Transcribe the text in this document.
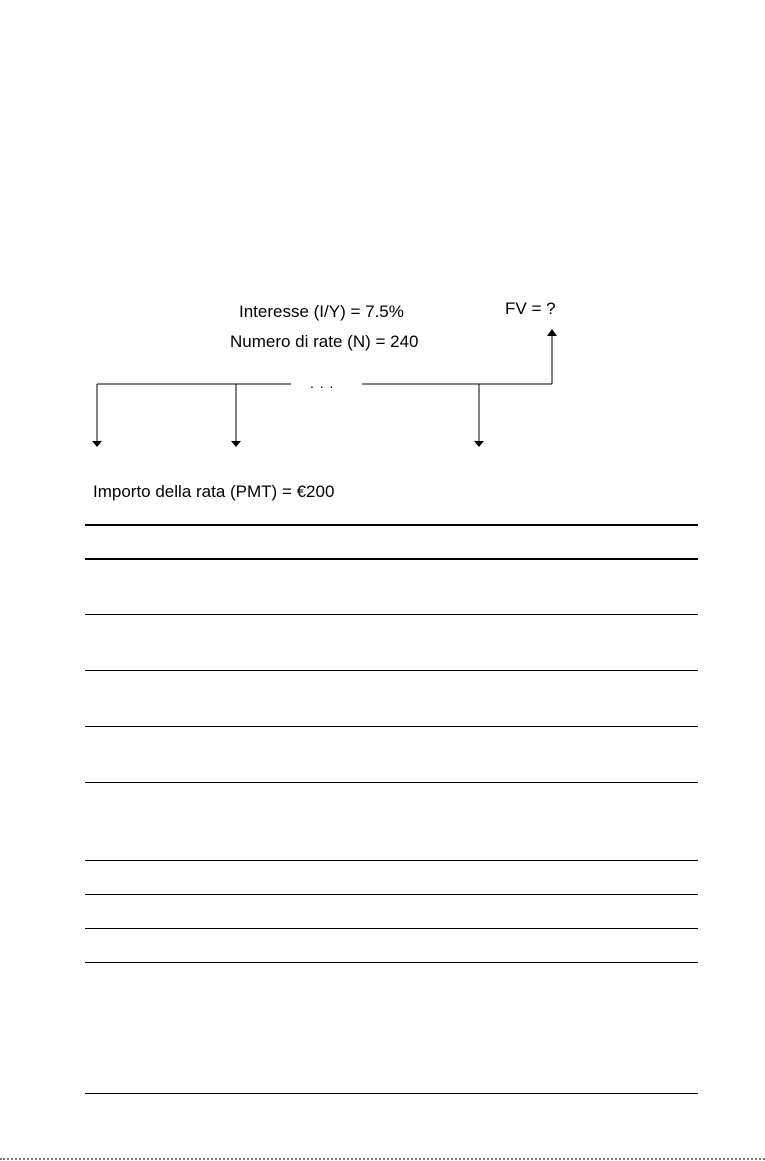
Interesse (I/Y) = 7.5%
Numero di rate (N) = 240
. . .
FV = ?
Importo della rata (PMT) = €200
